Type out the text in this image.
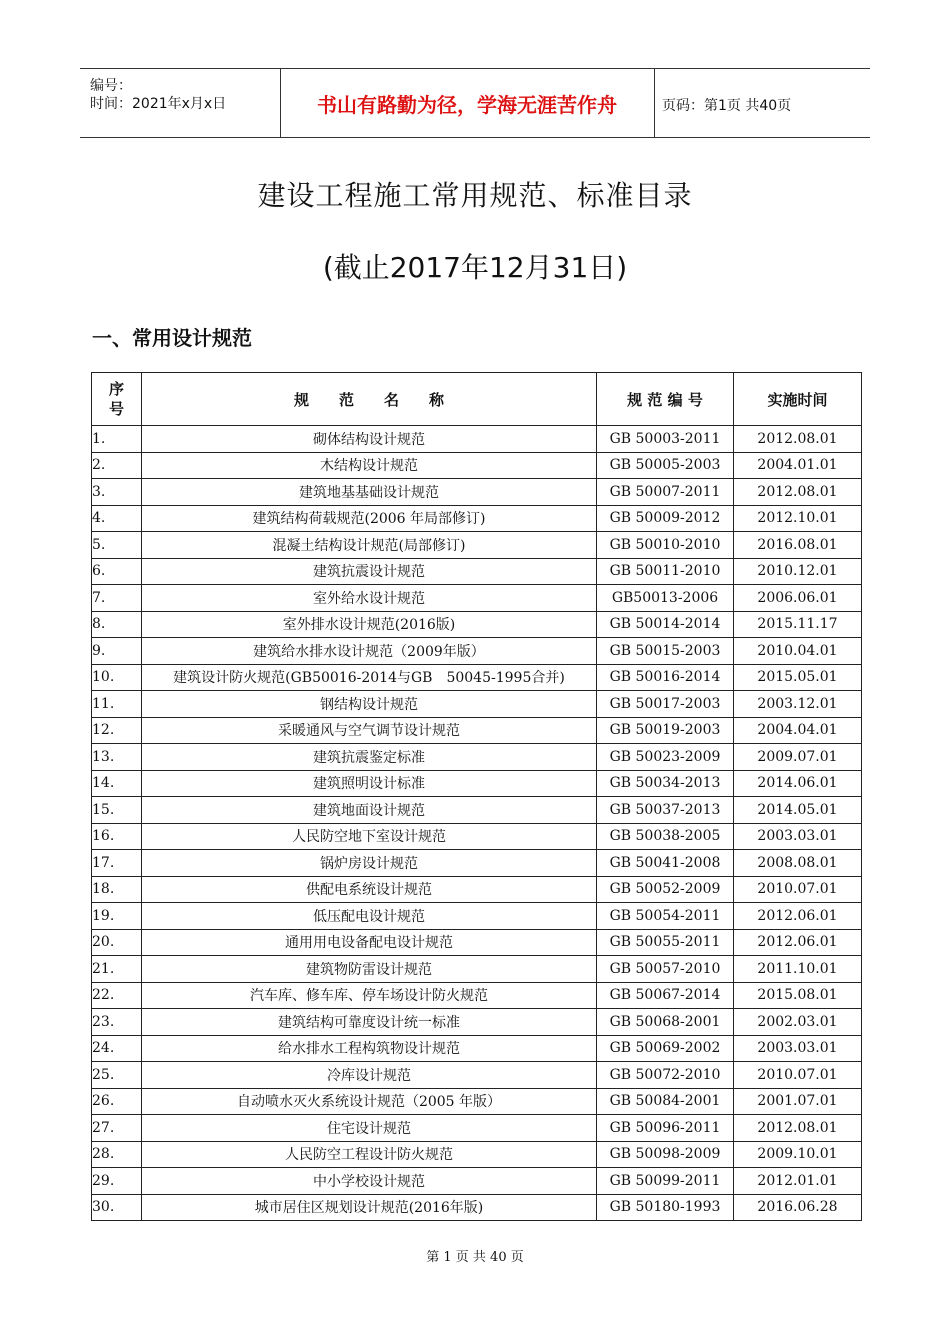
编号：
时间：2021年x月x日	书山有路勤为径，学海无涯苦作舟	页码：第1页 共40页
建设工程施工常用规范、标准目录
(截止2017年12月31日)
一、常用设计规范
序
号	规　　范　　名　　称	规 范 编 号	实施时间
1.	砌体结构设计规范	GB 50003-2011	2012.08.01
2.	木结构设计规范	GB 50005-2003	2004.01.01
3.	建筑地基基础设计规范	GB 50007-2011	2012.08.01
4.	建筑结构荷载规范(2006 年局部修订)	GB 50009-2012	2012.10.01
5.	混凝土结构设计规范(局部修订)	GB 50010-2010	2016.08.01
6.	建筑抗震设计规范	GB 50011-2010	2010.12.01
7.	室外给水设计规范	GB50013-2006	2006.06.01
8.	室外排水设计规范(2016版)	GB 50014-2014	2015.11.17
9.	建筑给水排水设计规范（2009年版）	GB 50015-2003	2010.04.01
10.	建筑设计防火规范(GB50016-2014与GB　50045-1995合并)	GB 50016-2014	2015.05.01
11.	钢结构设计规范	GB 50017-2003	2003.12.01
12.	采暖通风与空气调节设计规范	GB 50019-2003	2004.04.01
13.	建筑抗震鉴定标准	GB 50023-2009	2009.07.01
14.	建筑照明设计标准	GB 50034-2013	2014.06.01
15.	建筑地面设计规范	GB 50037-2013	2014.05.01
16.	人民防空地下室设计规范	GB 50038-2005	2003.03.01
17.	锅炉房设计规范	GB 50041-2008	2008.08.01
18.	供配电系统设计规范	GB 50052-2009	2010.07.01
19.	低压配电设计规范	GB 50054-2011	2012.06.01
20.	通用用电设备配电设计规范	GB 50055-2011	2012.06.01
21.	建筑物防雷设计规范	GB 50057-2010	2011.10.01
22.	汽车库、修车库、停车场设计防火规范	GB 50067-2014	2015.08.01
23.	建筑结构可靠度设计统一标准	GB 50068-2001	2002.03.01
24.	给水排水工程构筑物设计规范	GB 50069-2002	2003.03.01
25.	冷库设计规范	GB 50072-2010	2010.07.01
26.	自动喷水灭火系统设计规范（2005 年版）	GB 50084-2001	2001.07.01
27.	住宅设计规范	GB 50096-2011	2012.08.01
28.	人民防空工程设计防火规范	GB 50098-2009	2009.10.01
29.	中小学校设计规范	GB 50099-2011	2012.01.01
30.	城市居住区规划设计规范(2016年版)	GB 50180-1993	2016.06.28
第 1 页 共 40 页
